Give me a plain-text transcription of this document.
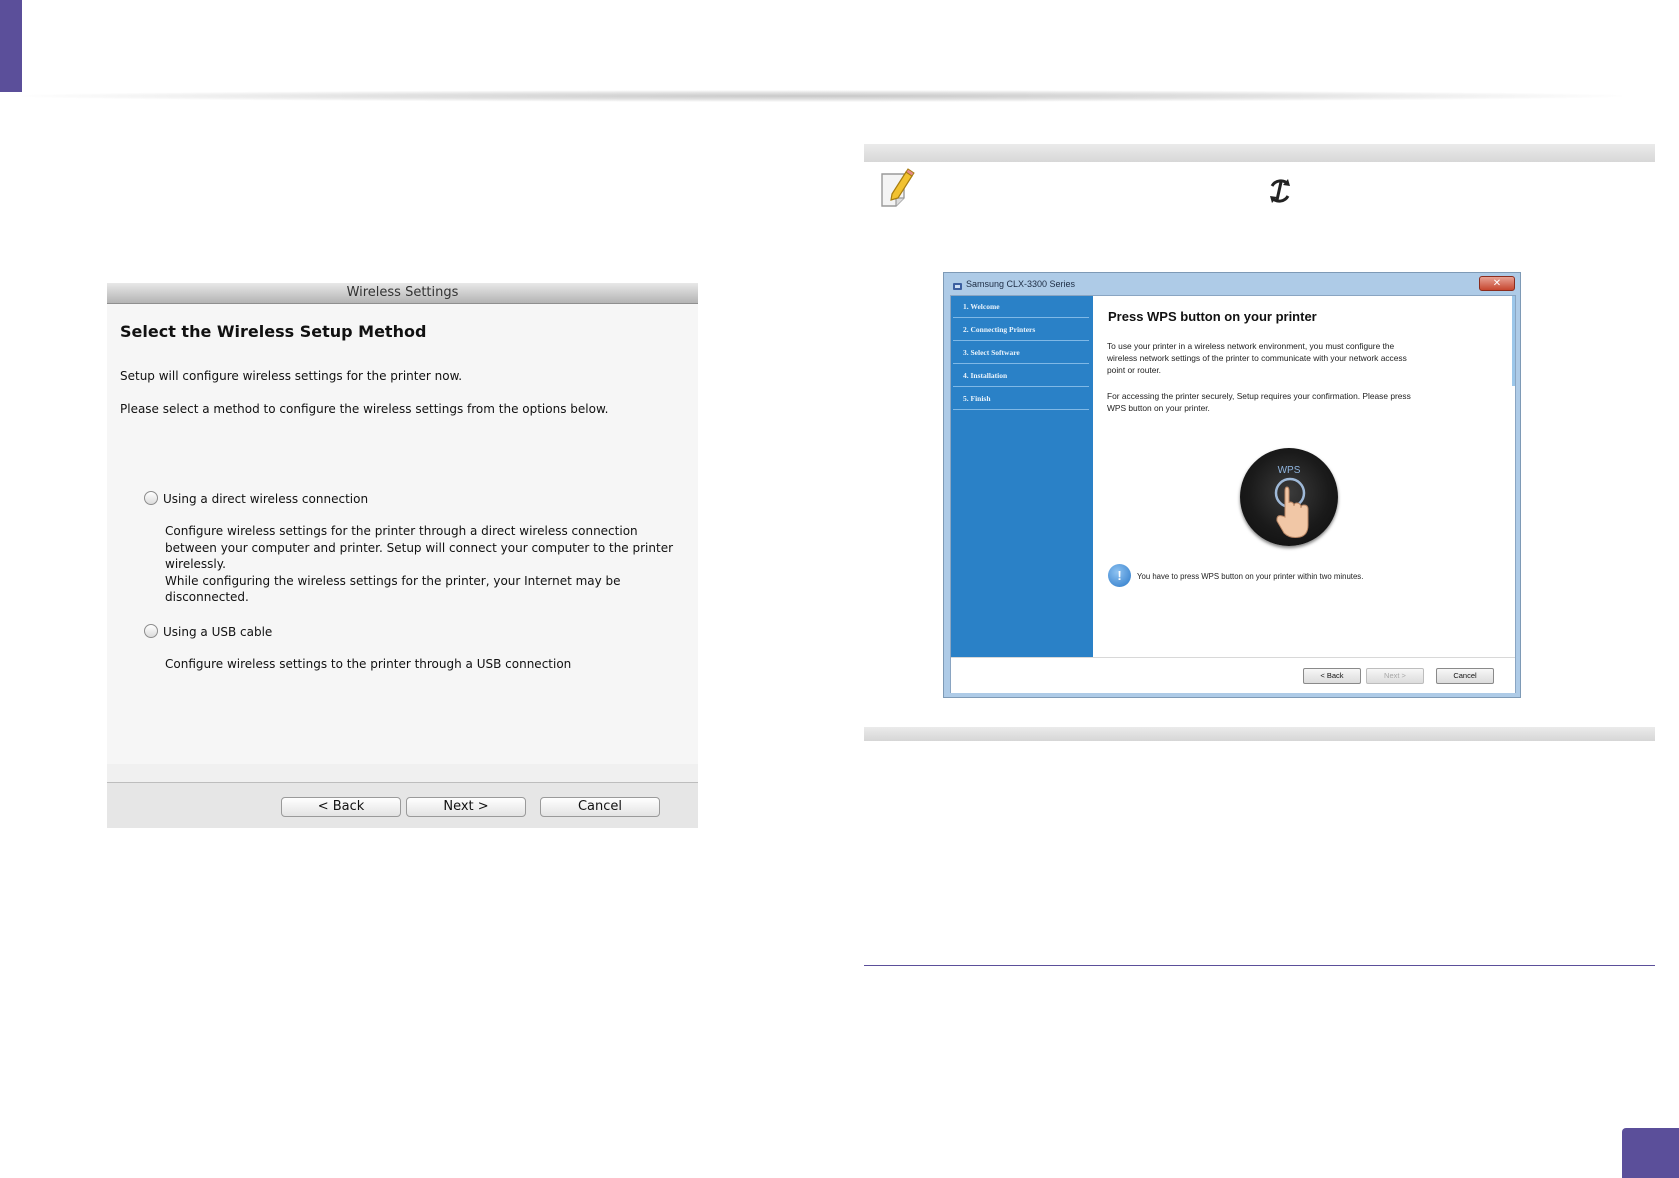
Wireless Settings
Select the Wireless Setup Method
Setup will configure wireless settings for the printer now.
Please select a method to configure the wireless settings from the options below.
Using a direct wireless connection
Configure wireless settings for the printer through a direct wireless connection
between your computer and printer. Setup will connect your computer to the printer
wirelessly.
While configuring the wireless settings for the printer, your Internet may be
disconnected.
Using a USB cable
Configure wireless settings to the printer through a USB connection
< Back	Next >	Cancel
Samsung CLX-3300 Series	✕
1. Welcome
2. Connecting Printers
3. Select Software
4. Installation
5. Finish
Press WPS button on your printer
To use your printer in a wireless network environment, you must configure the
wireless network settings of the printer to communicate with your network access
point or router.
For accessing the printer securely, Setup requires your confirmation. Please press
WPS button on your printer.
WPS
!	You have to press WPS button on your printer within two minutes.
< Back	Next >	Cancel
